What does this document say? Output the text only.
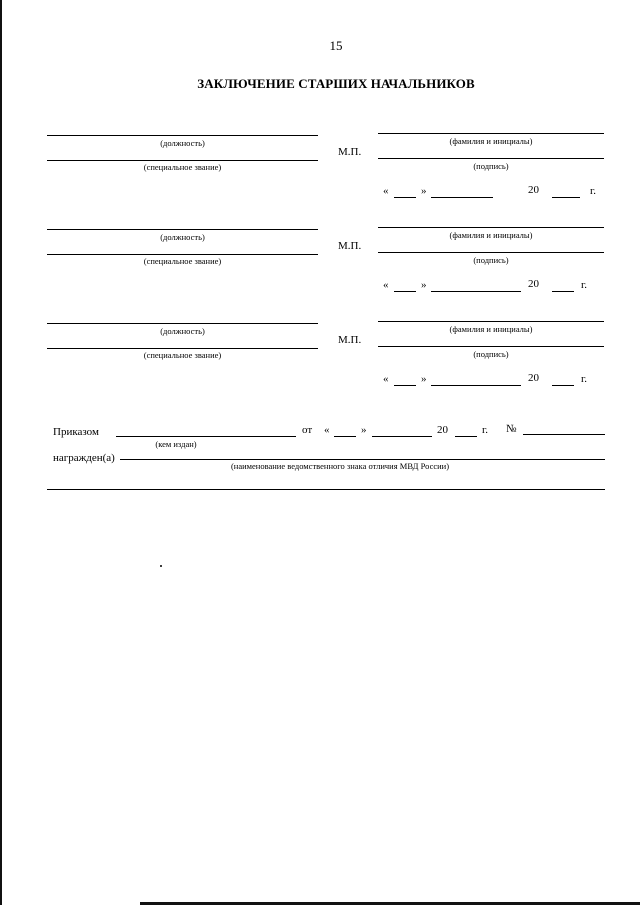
15
ЗАКЛЮЧЕНИЕ СТАРШИХ НАЧАЛЬНИКОВ
(должность)
(специальное звание)
М.П.
(фамилия и инициалы)
(подпись)
«	»	20	г.
(должность)
(специальное звание)
М.П.
(фамилия и инициалы)
(подпись)
«	»	20	г.
(должность)
(специальное звание)
М.П.
(фамилия и инициалы)
(подпись)
«	»	20	г.
Приказом
(кем издан)
от «	»	20	г. №
награжден(а)
(наименование ведомственного знака отличия МВД России)
